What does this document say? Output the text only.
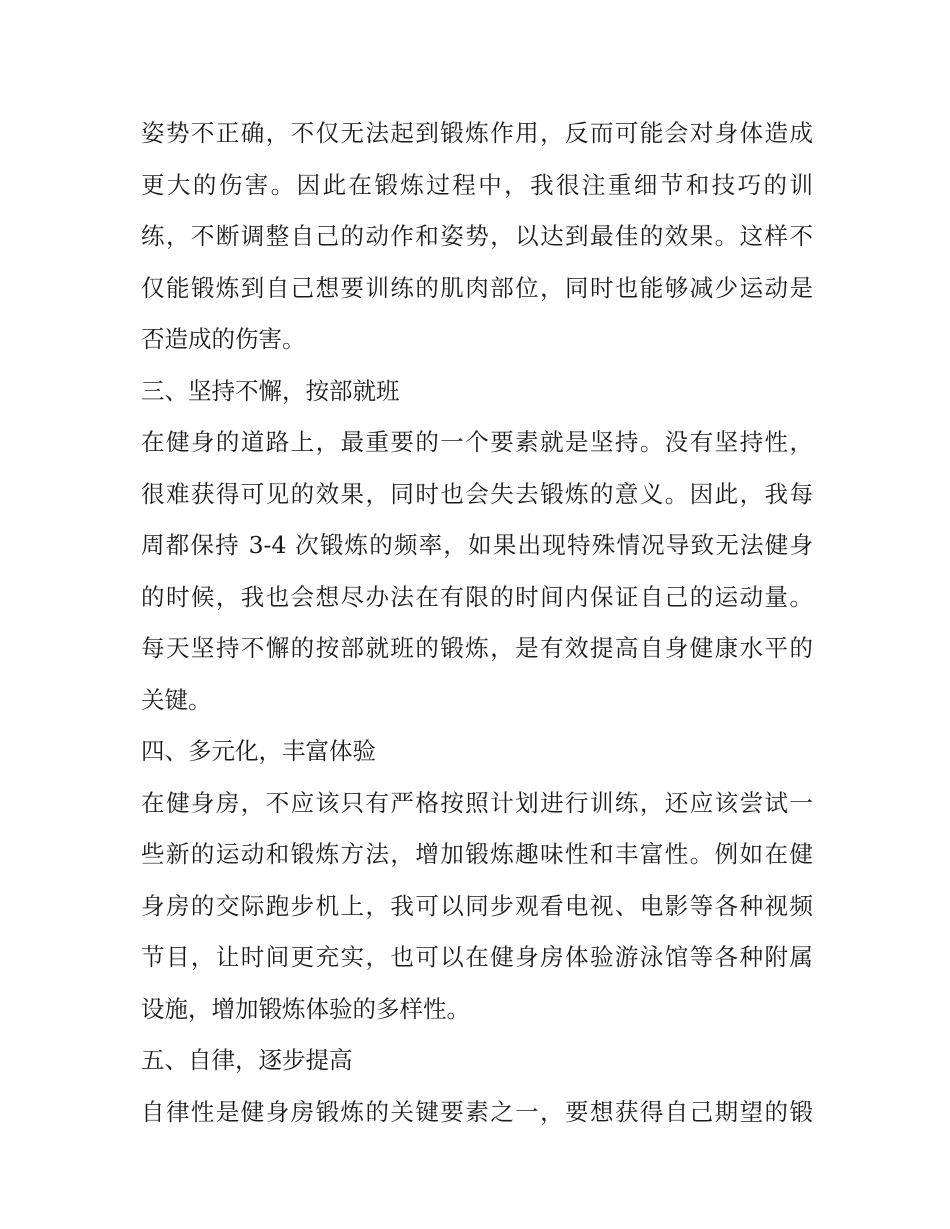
姿势不正确，不仅无法起到锻炼作用，反而可能会对身体造成
更大的伤害。因此在锻炼过程中，我很注重细节和技巧的训
练，不断调整自己的动作和姿势，以达到最佳的效果。这样不
仅能锻炼到自己想要训练的肌肉部位，同时也能够减少运动是
否造成的伤害。
三、坚持不懈，按部就班
在健身的道路上，最重要的一个要素就是坚持。没有坚持性，
很难获得可见的效果，同时也会失去锻炼的意义。因此，我每
周都保持 3-4 次锻炼的频率，如果出现特殊情况导致无法健身
的时候，我也会想尽办法在有限的时间内保证自己的运动量。
每天坚持不懈的按部就班的锻炼，是有效提高自身健康水平的
关键。
四、多元化，丰富体验
在健身房，不应该只有严格按照计划进行训练，还应该尝试一
些新的运动和锻炼方法，增加锻炼趣味性和丰富性。例如在健
身房的交际跑步机上，我可以同步观看电视、电影等各种视频
节目，让时间更充实，也可以在健身房体验游泳馆等各种附属
设施，增加锻炼体验的多样性。
五、自律，逐步提高
自律性是健身房锻炼的关键要素之一，要想获得自己期望的锻
